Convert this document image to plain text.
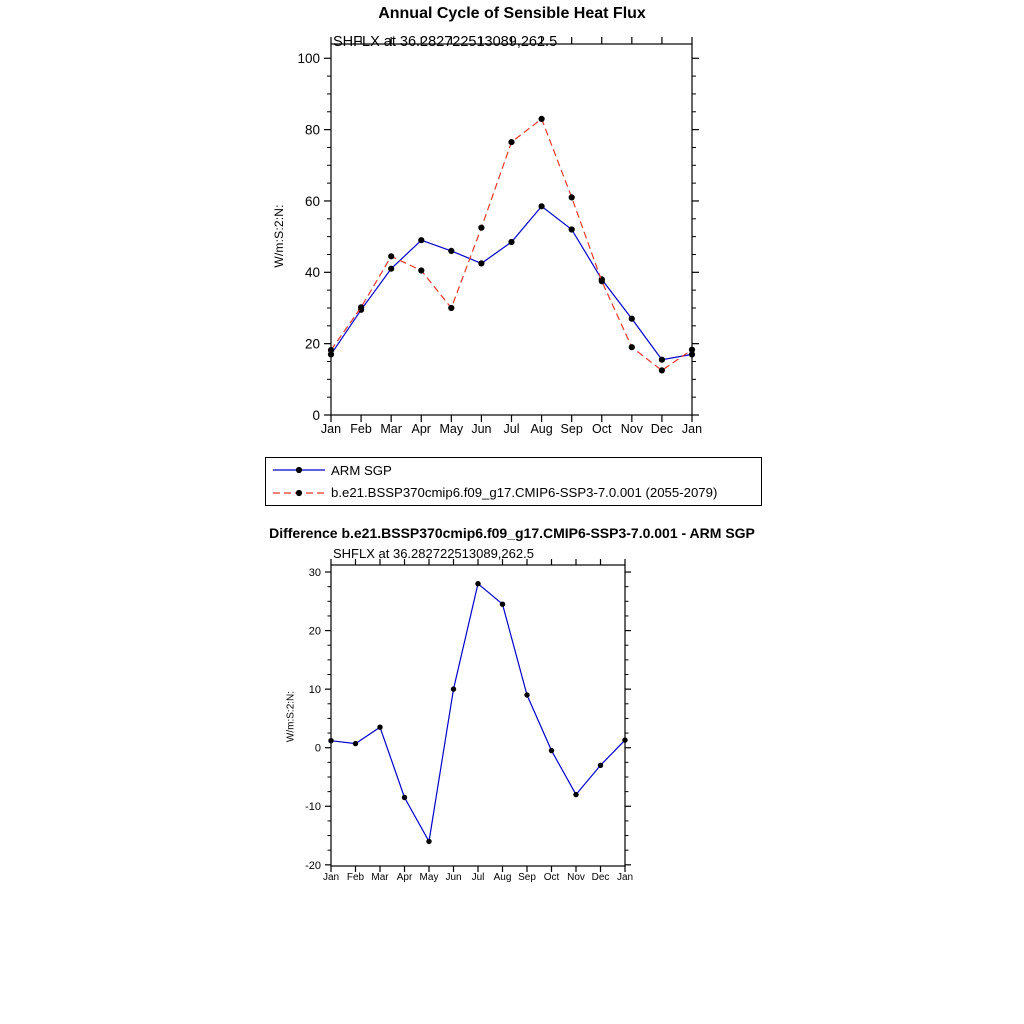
0
20
40
60
80
100
Jan Feb Mar Apr May Jun Jul Aug Sep Oct Nov Dec Jan
-20
-10
0
10
20
30
Jan Feb Mar Apr May Jun Jul Aug Sep Oct Nov Dec Jan
Annual Cycle of Sensible Heat Flux
SHFLX at 36.282722513089,262.5
W/m:S:2:N:
ARM SGP
b.e21.BSSP370cmip6.f09_g17.CMIP6-SSP3-7.0.001 (2055-2079)
Difference b.e21.BSSP370cmip6.f09_g17.CMIP6-SSP3-7.0.001 - ARM SGP
SHFLX at 36.282722513089,262.5
W/m:S:2:N:
